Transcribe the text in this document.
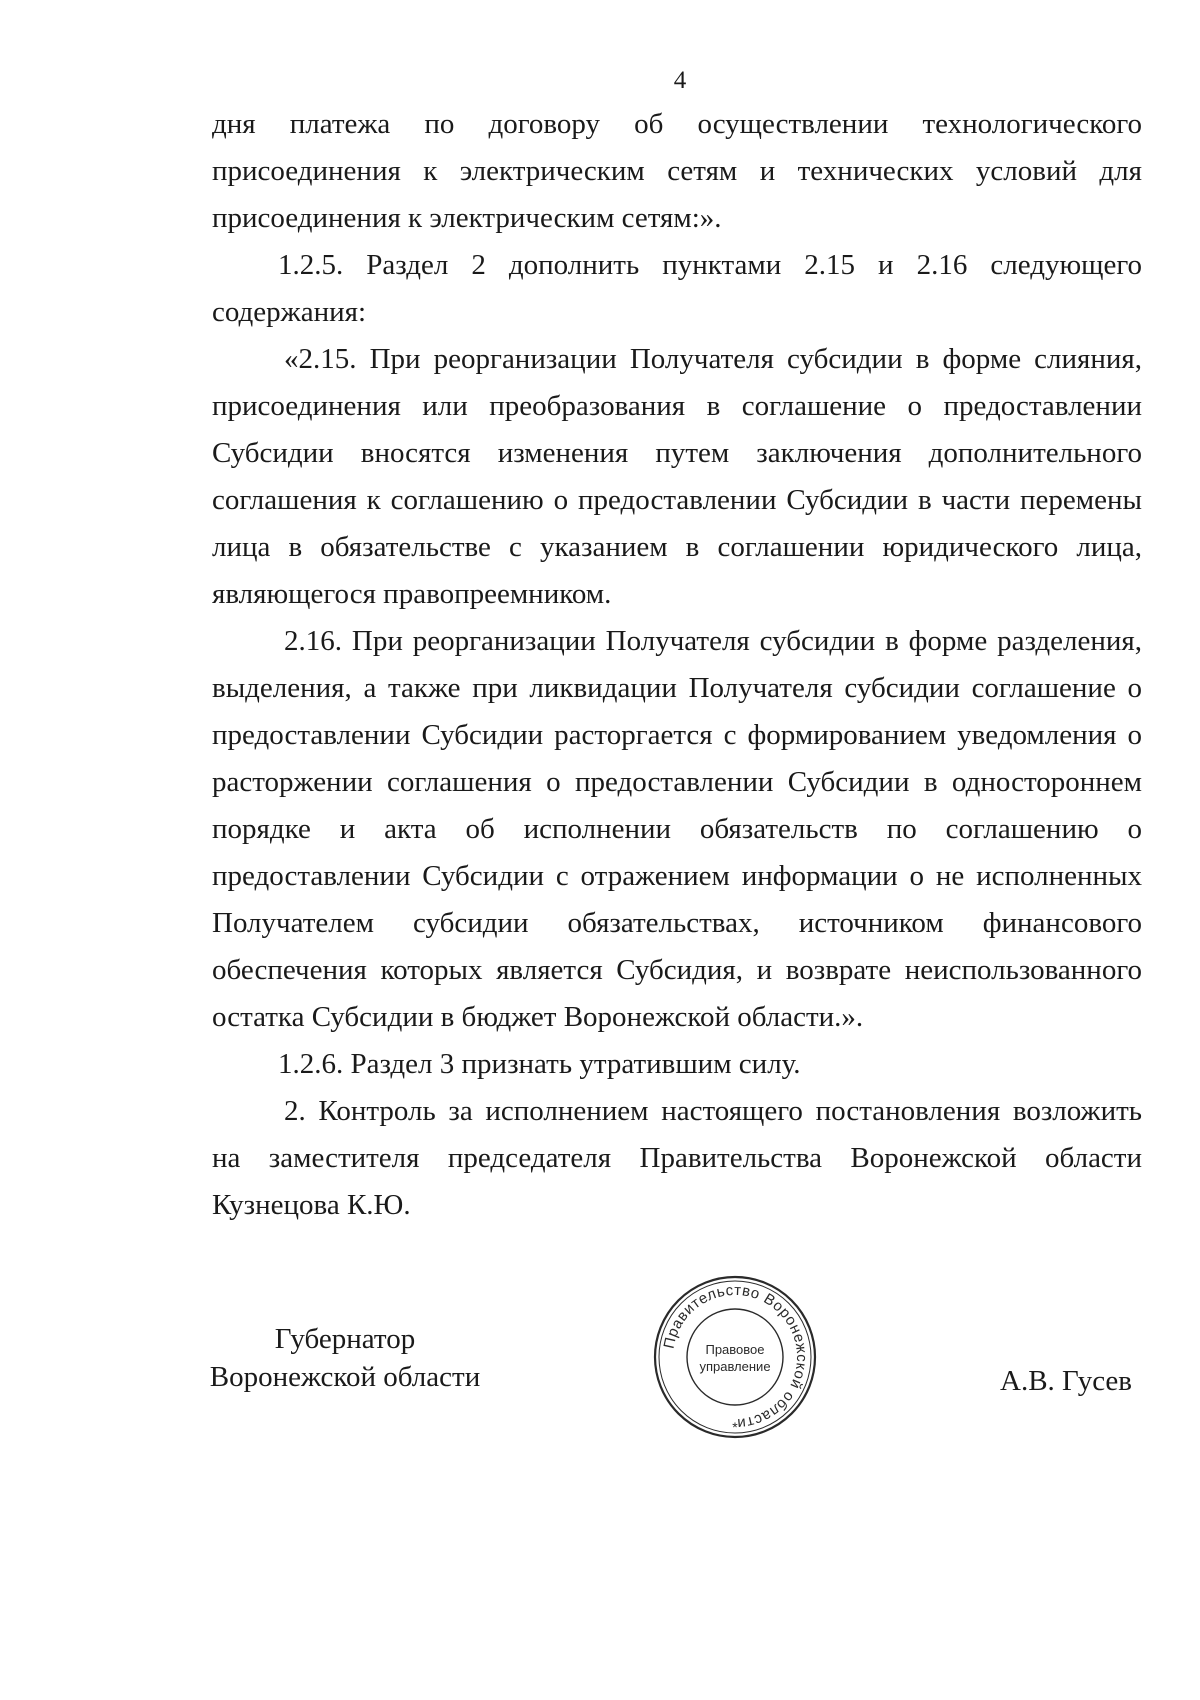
4

дня платежа по договору об осуществлении технологического присоединения к электрическим сетям и технических условий для присоединения к электрическим сетям:».

1.2.5. Раздел 2 дополнить пунктами 2.15 и 2.16 следующего содержания:

«2.15. При реорганизации Получателя субсидии в форме слияния, присоединения или преобразования в соглашение о предоставлении Субсидии вносятся изменения путем заключения дополнительного соглашения к соглашению о предоставлении Субсидии в части перемены лица в обязательстве с указанием в соглашении юридического лица, являющегося правопреемником.

2.16. При реорганизации Получателя субсидии в форме разделения, выделения, а также при ликвидации Получателя субсидии соглашение о предоставлении Субсидии расторгается с формированием уведомления о расторжении соглашения о предоставлении Субсидии в одностороннем порядке и акта об исполнении обязательств по соглашению о предоставлении Субсидии с отражением информации о не исполненных Получателем субсидии обязательствах, источником финансового обеспечения которых является Субсидия, и возврате неиспользованного остатка Субсидии в бюджет Воронежской области.».

1.2.6. Раздел 3 признать утратившим силу.

2. Контроль за исполнением настоящего постановления возложить на заместителя председателя Правительства Воронежской области Кузнецова К.Ю.

Губернатор
Воронежской области
Правительство Воронежской области
Правовое
управление
*
А.В. Гусев
